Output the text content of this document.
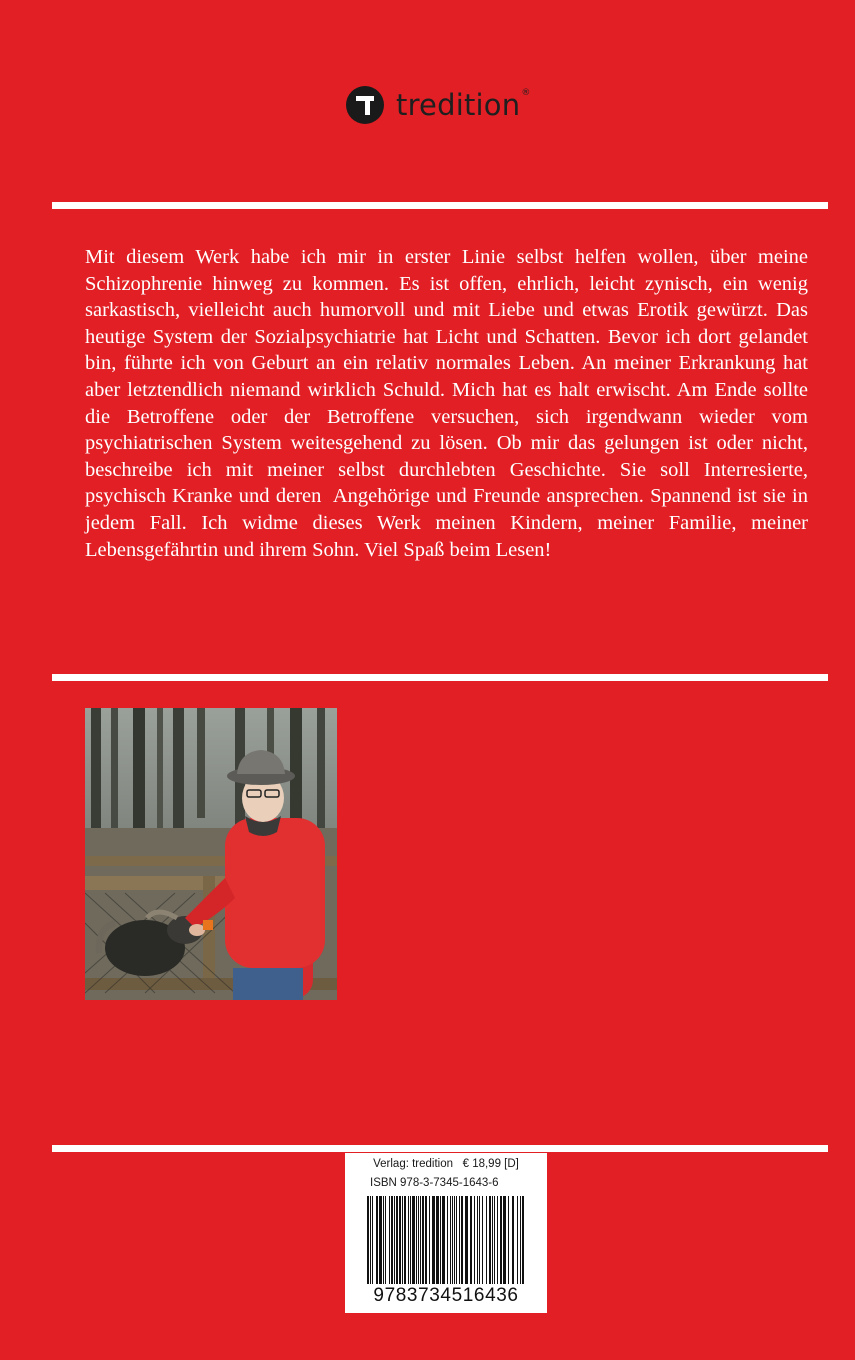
tredition ®

Mit diesem Werk habe ich mir in erster Linie selbst helfen wollen, über meine Schizophrenie hinweg zu kommen. Es ist offen, ehrlich, leicht zynisch, ein wenig sarkastisch, vielleicht auch humorvoll und mit Liebe und etwas Erotik gewürzt. Das heutige System der Sozialpsychiatrie hat Licht und Schatten. Bevor ich dort gelandet bin, führte ich von Geburt an ein relativ normales Leben. An meiner Erkrankung hat aber letztendlich niemand wirklich Schuld. Mich hat es halt erwischt. Am Ende sollte die Betroffene oder der Betroffene versuchen, sich irgendwann wieder vom psychiatrischen System weitesgehend zu lösen. Ob mir das gelungen ist oder nicht, beschreibe ich mit meiner selbst durchlebten Geschichte. Sie soll Interresierte, psychisch Kranke und deren  Angehörige und Freunde ansprechen. Spannend ist sie in jedem Fall. Ich widme dieses Werk meinen Kindern, meiner Familie, meiner Lebensgefährtin und ihrem Sohn. Viel Spaß beim Lesen!

Verlag: tredition   € 18,99 [D]
ISBN 978-3-7345-1643-6
9783734516436
